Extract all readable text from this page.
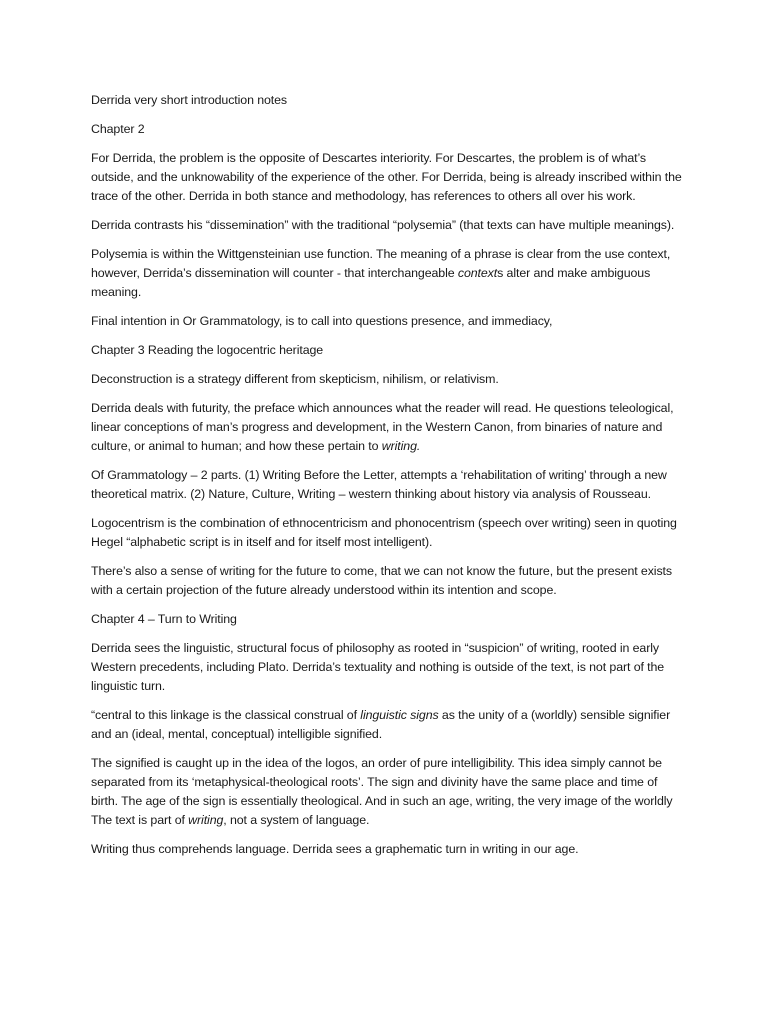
Derrida very short introduction notes

Chapter 2

For Derrida, the problem is the opposite of Descartes interiority. For Descartes, the problem is of what’s outside, and the unknowability of the experience of the other. For Derrida, being is already inscribed within the trace of the other. Derrida in both stance and methodology, has references to others all over his work.

Derrida contrasts his “dissemination” with the traditional “polysemia” (that texts can have multiple meanings).

Polysemia is within the Wittgensteinian use function. The meaning of a phrase is clear from the use context, however, Derrida’s dissemination will counter - that interchangeable contexts alter and make ambiguous meaning.

Final intention in Or Grammatology, is to call into questions presence, and immediacy,

Chapter 3 Reading the logocentric heritage

Deconstruction is a strategy different from skepticism, nihilism, or relativism.

Derrida deals with futurity, the preface which announces what the reader will read. He questions teleological, linear conceptions of man’s progress and development, in the Western Canon, from binaries of nature and culture, or animal to human; and how these pertain to writing.

Of Grammatology – 2 parts. (1) Writing Before the Letter, attempts a ‘rehabilitation of writing’ through a new theoretical matrix. (2) Nature, Culture, Writing – western thinking about history via analysis of Rousseau.

Logocentrism is the combination of ethnocentricism and phonocentrism (speech over writing) seen in quoting Hegel “alphabetic script is in itself and for itself most intelligent).

There’s also a sense of writing for the future to come, that we can not know the future, but the present exists with a certain projection of the future already understood within its intention and scope.

Chapter 4 – Turn to Writing

Derrida sees the linguistic, structural focus of philosophy as rooted in “suspicion” of writing, rooted in early Western precedents, including Plato. Derrida’s textuality and nothing is outside of the text, is not part of the linguistic turn.

“central to this linkage is the classical construal of linguistic signs as the unity of a (worldly) sensible signifier and an (ideal, mental, conceptual) intelligible signified.

The signified is caught up in the idea of the logos, an order of pure intelligibility. This idea simply cannot be separated from its ‘metaphysical-theological roots’. The sign and divinity have the same place and time of birth. The age of the sign is essentially theological. And in such an age, writing, the very image of the worldly The text is part of writing, not a system of language.

Writing thus comprehends language. Derrida sees a graphematic turn in writing in our age.
